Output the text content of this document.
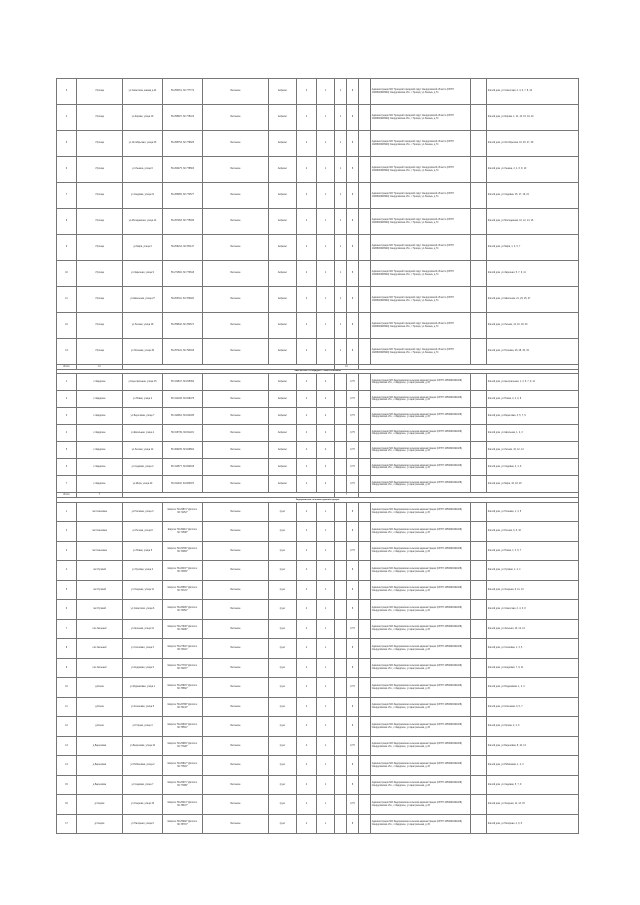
3	г.Троица	ул.Советская, южная д.44	56.256151, 60.777772	Бетонное	Асфальт	2	1	1	8		Администрация МО Троицкий городской округ Свердловской области (ОГРН 1026600628920) Свердловская обл., г.Троица, ул.Ленина, д.74		Жилой дом, ул.Советская, 2, 4, 6, 7, 8, 44
4	г.Троица	ул.Кирова, улица 19	56.258907, 60.778413	Бетонное	Асфальт	2	1	1	8		Администрация МО Троицкий городской округ Свердловской области (ОГРН 1026600628920) Свердловская обл., г.Троица, ул.Ленина, д.74		Жилой дом, ул.Кирова, 1, 11, 13, 15, 19, 22
5	г.Троица	ул.Октябрьская, улица 45	56.268753, 60.779625	Бетонное	Асфальт	2	1	1	8		Администрация МО Троицкий городской округ Свердловской области (ОГРН 1026600628920) Свердловская обл., г.Троица, ул.Ленина, д.74		Жилой дом, ул.Октябрьская, 10, 45, 47, 49
6	г.Троица	ул.Ленина, улица 6	56.262475, 60.778503	Бетонное	Асфальт	2	1	1	8		Администрация МО Троицкий городской округ Свердловской области (ОГРН 1026600628920) Свердловская обл., г.Троица, ул.Ленина, д.74		Жилой дом, ул.Ленина, 2, 4, 6, 8, 10
7	г.Троица	ул.Садовая, улица 21	56.265965, 60.772577	Бетонное	Асфальт	2	1	1	8		Администрация МО Троицкий городской округ Свердловской области (ОГРН 1026600628920) Свердловская обл., г.Троица, ул.Ленина, д.74		Жилой дом, ул.Садовая, 15, 17, 19, 21
8	г.Троица	ул.Молодежная, улица 14	56.267283, 60.775946	Бетонное	Асфальт	2	1	1	8		Администрация МО Троицкий городской округ Свердловской области (ОГРН 1026600628920) Свердловская обл., г.Троица, ул.Ленина, д.74		Жилой дом, ул.Молодежная, 10, 12, 14, 16
9	г.Троица	ул.Мира, улица 3	56.269214, 60.781147	Бетонное	Асфальт	2	1	1	8		Администрация МО Троицкий городской округ Свердловской области (ОГРН 1026600628920) Свердловская обл., г.Троица, ул.Ленина, д.74		Жилой дом, ул.Мира, 1, 3, 5, 7
10	г.Троица	ул.Заречная, улица 9	56.271802, 60.773618	Бетонное	Асфальт	2	1	1	8		Администрация МО Троицкий городской округ Свердловской области (ОГРН 1026600628920) Свердловская обл., г.Троица, ул.Ленина, д.74		Жилой дом, ул.Заречная, 5, 7, 9, 11
11	г.Троица	ул.Школьная, улица 27	56.263311, 60.769022	Бетонное	Асфальт	2	1	1	8		Администрация МО Троицкий городской округ Свердловской области (ОГРН 1026600628920) Свердловская обл., г.Троица, ул.Ленина, д.74		Жилой дом, ул.Школьная, 21, 23, 25, 27
12	г.Троица	ул.Лесная, улица 18	56.259640, 60.784571	Бетонное	Асфальт	2	1	1	8		Администрация МО Троицкий городской округ Свердловской области (ОГРН 1026600628920) Свердловская обл., г.Троица, ул.Ленина, д.74		Жилой дом, ул.Лесная, 14, 16, 18, 20
13	г.Троица	ул.Полевая, улица 30	56.257422, 60.790318	Бетонное	Асфальт	2	1	1	8		Администрация МО Троицкий городской округ Свердловской области (ОГРН 1026600628920) Свердловская обл., г.Троица, ул.Ленина, д.74		Жилой дом, ул.Полевая, 26, 28, 30, 32
Итого	11							11					
ЗАКРЫТЫЕ ПЛОЩАДКИ С НАКОПЛЕНИЕМ													
1	с.Задорное	ул.Центральная, улица 15	56.312847, 60.815392	Бетонное	Асфальт	4	2		0,75		Администрация МО Задорнянская сельская администрация (ОГРН 1056600491028) Свердловская обл., с.Задорное, ул.Центральная, д.15		Жилой дом, ул.Центральная, 1, 3, 5, 7, 9, 11
2	с.Задорное	ул.Новая, улица 2	56.314108, 60.818476	Бетонное	Асфальт	4	2		0,75		Администрация МО Задорнянская сельская администрация (ОГРН 1056600491028) Свердловская обл., с.Задорное, ул.Центральная, д.15		Жилой дом, ул.Новая, 2, 4, 6, 8
3	с.Задорное	ул.Береговая, улица 7	56.310964, 60.812035	Бетонное	Асфальт	4	2		0,75		Администрация МО Задорнянская сельская администрация (ОГРН 1056600491028) Свердловская обл., с.Задорное, ул.Центральная, д.15		Жилой дом, ул.Береговая, 3, 5, 7, 9
4	с.Задорное	ул.Школьная, улица 1	56.315739, 60.811221	Бетонное	Асфальт	4	2		0,75		Администрация МО Задорнянская сельская администрация (ОГРН 1056600491028) Свердловская обл., с.Задорное, ул.Центральная, д.15		Жилой дом, ул.Школьная, 1, 2, 3
5	с.Задорное	ул.Лесная, улица 12	56.309235, 60.819504	Бетонное	Асфальт	4	2		0,75		Администрация МО Задорнянская сельская администрация (ОГРН 1056600491028) Свердловская обл., с.Задорное, ул.Центральная, д.15		Жилой дом, ул.Лесная, 10, 12, 14
6	с.Задорное	ул.Садовая, улица 4	56.313577, 60.822618	Бетонное	Асфальт	4	2		0,75		Администрация МО Задорнянская сельская администрация (ОГРН 1056600491028) Свердловская обл., с.Задорное, ул.Центральная, д.15		Жилой дом, ул.Садовая, 2, 4, 6
7	с.Задорное	ул.Мира, улица 20	56.311402, 60.825973	Бетонное	Асфальт	4	2		0,75		Администрация МО Задорнянская сельская администрация (ОГРН 1056600491028) Свердловская обл., с.Задорное, ул.Центральная, д.15		Жилой дом, ул.Мира, 16, 18, 20
Итого	7							7					
Задорнянская сельская администрация													
1	пос.Смеховка	ул.Полевая, улица 3	Широта: 56.29874° Долгота: 60.71152°	Бетонное	грунт	4	1		8		Администрация МО Задорнянская сельская администрация (ОГРН 1056600491028) Свердловская обл., с.Задорное, ул.Центральная, д.15		Жилой дом, ул.Полевая, 1, 3, 5
2	пос.Смеховка	ул.Речная, улица 8	Широта: 56.29911° Долгота: 60.71508°	Бетонное	грунт	4	1		8		Администрация МО Задорнянская сельская администрация (ОГРН 1056600491028) Свердловская обл., с.Задорное, ул.Центральная, д.15		Жилой дом, ул.Речная, 6, 8, 10
3	пос.Смеховка	ул.Новая, улица 5	Широта: 56.29766° Долгота: 60.70983°	Бетонное	грунт	4	1		0,75		Администрация МО Задорнянская сельская администрация (ОГРН 1056600491028) Свердловская обл., с.Задорное, ул.Центральная, д.15		Жилой дом, ул.Новая, 1, 3, 5, 7
4	пос.Луговой	ул.Луговая, улица 2	Широта: 56.28437° Долгота: 60.73369°	Бетонное	грунт	4	1		8		Администрация МО Задорнянская сельская администрация (ОГРН 1056600491028) Свердловская обл., с.Задорное, ул.Центральная, д.15		Жилой дом, ул.Луговая, 1, 2, 4
5	пос.Луговой	ул.Озерная, улица 11	Широта: 56.28581° Долгота: 60.73724°	Бетонное	грунт	4	1		8		Администрация МО Задорнянская сельская администрация (ОГРН 1056600491028) Свердловская обл., с.Задорное, ул.Центральная, д.15		Жилой дом, ул.Озерная, 9, 11, 13
6	пос.Луговой	ул.Советская, улица 6	Широта: 56.28299° Долгота: 60.73052°	Бетонное	грунт	4	1		8		Администрация МО Задорнянская сельская администрация (ОГРН 1056600491028) Свердловская обл., с.Задорное, ул.Центральная, д.15		Жилой дом, ул.Советская, 2, 4, 6, 8
7	пос.Зеленый	ул.Зеленая, улица 14	Широта: 56.27648° Долгота: 60.74486°	Бетонное	грунт	4	1		0,75		Администрация МО Задорнянская сельская администрация (ОГРН 1056600491028) Свердловская обл., с.Задорное, ул.Центральная, д.15		Жилой дом, ул.Зеленая, 10, 12, 14
8	пос.Зеленый	ул.Сосновая, улица 3	Широта: 56.27502° Долгота: 60.74811°	Бетонное	грунт	4	1		8		Администрация МО Задорнянская сельская администрация (ОГРН 1056600491028) Свердловская обл., с.Задорное, ул.Центральная, д.15		Жилой дом, ул.Сосновая, 1, 3, 5
9	пос.Зеленый	ул.Кедровая, улица 9	Широта: 56.27733° Долгота: 60.74297°	Бетонное	грунт	4	1		8		Администрация МО Задорнянская сельская администрация (ОГРН 1056600491028) Свердловская обл., с.Задорное, ул.Центральная, д.15		Жилой дом, ул.Кедровая, 7, 9, 11
10	д.Ключи	ул.Родниковая, улица 1	Широта: 56.26915° Долгота: 60.75862°	Бетонное	грунт	4	1		0,75		Администрация МО Задорнянская сельская администрация (ОГРН 1056600491028) Свердловская обл., с.Задорное, ул.Центральная, д.15		Жилой дом, ул.Родниковая, 1, 2, 3
11	д.Ключи	ул.Ключевая, улица 5	Широта: 56.26788° Долгота: 60.76143°	Бетонное	грунт	4	1		8		Администрация МО Задорнянская сельская администрация (ОГРН 1056600491028) Свердловская обл., с.Задорное, ул.Центральная, д.15		Жилой дом, ул.Ключевая, 3, 5, 7
12	д.Ключи	ул.Горная, улица 4	Широта: 56.26634° Долгота: 60.75591°	Бетонное	грунт	4	1		8		Администрация МО Задорнянская сельская администрация (ОГРН 1056600491028) Свердловская обл., с.Задорное, ул.Центральная, д.15		Жилой дом, ул.Горная, 2, 4, 6
13	д.Березовка	ул.Березовая, улица 10	Широта: 56.25983° Долгота: 60.77328°	Бетонное	грунт	4	1		0,75		Администрация МО Задорнянская сельская администрация (ОГРН 1056600491028) Свердловская обл., с.Задорное, ул.Центральная, д.15		Жилой дом, ул.Березовая, 8, 10, 12
14	д.Березовка	ул.Рябиновая, улица 2	Широта: 56.25847° Долгота: 60.77604°	Бетонное	грунт	4	1		8		Администрация МО Задорнянская сельская администрация (ОГРН 1056600491028) Свердловская обл., с.Задорное, ул.Центральная, д.15		Жилой дом, ул.Рябиновая, 1, 2, 3
15	д.Березовка	ул.Садовая, улица 7	Широта: 56.26071° Долгота: 60.77089°	Бетонное	грунт	4	1		8		Администрация МО Задорнянская сельская администрация (ОГРН 1056600491028) Свердловская обл., с.Задорное, ул.Центральная, д.15		Жилой дом, ул.Садовая, 5, 7, 9
16	д.Озерки	ул.Озерная, улица 15	Широта: 56.25214° Долгота: 60.78437°	Бетонное	грунт	4	1		0,75		Администрация МО Задорнянская сельская администрация (ОГРН 1056600491028) Свердловская обл., с.Задорное, ул.Центральная, д.15		Жилой дом, ул.Озерная, 11, 13, 15
17	д.Озерки	ул.Нагорная, улица 6	Широта: 56.25092° Долгота: 60.78715°	Бетонное	грунт	4	1		8		Администрация МО Задорнянская сельская администрация (ОГРН 1056600491028) Свердловская обл., с.Задорное, ул.Центральная, д.15		Жилой дом, ул.Нагорная, 4, 6, 8
